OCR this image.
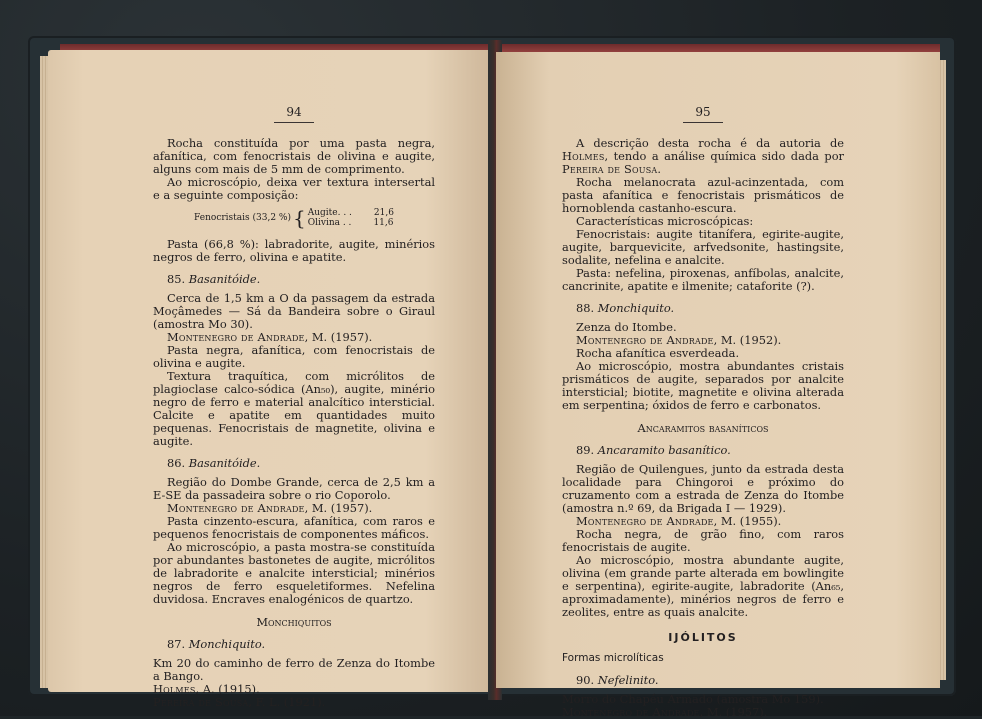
94

Rocha constituída por uma pasta negra, afanítica, com fenocristais de olivina e augite, alguns com mais de 5 mm de comprimento.

Ao microscópio, deixa ver textura intersertal e a seguinte composição:

Fenocristais (33,2 %) { Augite. . . 21,6
Olivina . . 11,6

Pasta (66,8 %): labradorite, augite, minérios negros de ferro, olivina e apatite.

85. Basanitóide.

Cerca de 1,5 km a O da passagem da estrada Moçâmedes — Sá da Bandeira sobre o Giraul (amostra Mo 30).

Montenegro de Andrade, M. (1957).

Pasta negra, afanítica, com fenocristais de olivina e augite.

Textura traquítica, com micrólitos de plagioclase calco-sódica (An₅₀), augite, minério negro de ferro e material analcítico intersticial. Calcite e apatite em quantidades muito pequenas. Fenocristais de magnetite, olivina e augite.

86. Basanitóide.

Região do Dombe Grande, cerca de 2,5 km a E-SE da passadeira sobre o rio Coporolo.

Montenegro de Andrade, M. (1957).

Pasta cinzento-escura, afanítica, com raros e pequenos fenocristais de componentes máficos.

Ao microscópio, a pasta mostra-se constituída por abundantes bastonetes de augite, micrólitos de labradorite e analcite intersticial; minérios negros de ferro esqueletiformes. Nefelina duvidosa. Encraves enalogénicos de quartzo.

Monchiquitos
87. Monchiquito.

Km 20 do caminho de ferro de Zenza do Itombe a Bango.

Holmes, A. (1915).

Pereira de Sousa, F. L. (1921).

95

A descrição desta rocha é da autoria de Holmes, tendo a análise química sido dada por Pereira de Sousa.

Rocha melanocrata azul-acinzentada, com pasta afanítica e fenocristais prismáticos de hornoblenda castanho-escura.

Características microscópicas:

Fenocristais: augite titanífera, egirite-augite, augite, barquevicite, arfvedsonite, hastingsite, sodalite, nefelina e analcite.

Pasta: nefelina, piroxenas, anfíbolas, analcite, cancrinite, apatite e ilmenite; cataforite (?).

88. Monchiquito.

Zenza do Itombe.

Montenegro de Andrade, M. (1952).

Rocha afanítica esverdeada.

Ao microscópio, mostra abundantes cristais prismáticos de augite, separados por analcite intersticial; biotite, magnetite e olivina alterada em serpentina; óxidos de ferro e carbonatos.

Ancaramitos basaníticos
89. Ancaramito basanítico.

Região de Quilengues, junto da estrada desta localidade para Chingoroi e próximo do cruzamento com a estrada de Zenza do Itombe (amostra n.º 69, da Brigada I — 1929).

Montenegro de Andrade, M. (1955).

Rocha negra, de grão fino, com raros fenocristais de augite.

Ao microscópio, mostra abundante augite, olivina (em grande parte alterada em bowlingite e serpentina), egirite-augite, labradorite (An₆₅, aproximadamente), minérios negros de ferro e zeolites, entre as quais analcite.

IJÓLITOS
Formas microlíticas
90. Nefelinito.

Morro do Chapéu Armado (amostra Mo 159).

Montenegro de Andrade, M. (1957).
